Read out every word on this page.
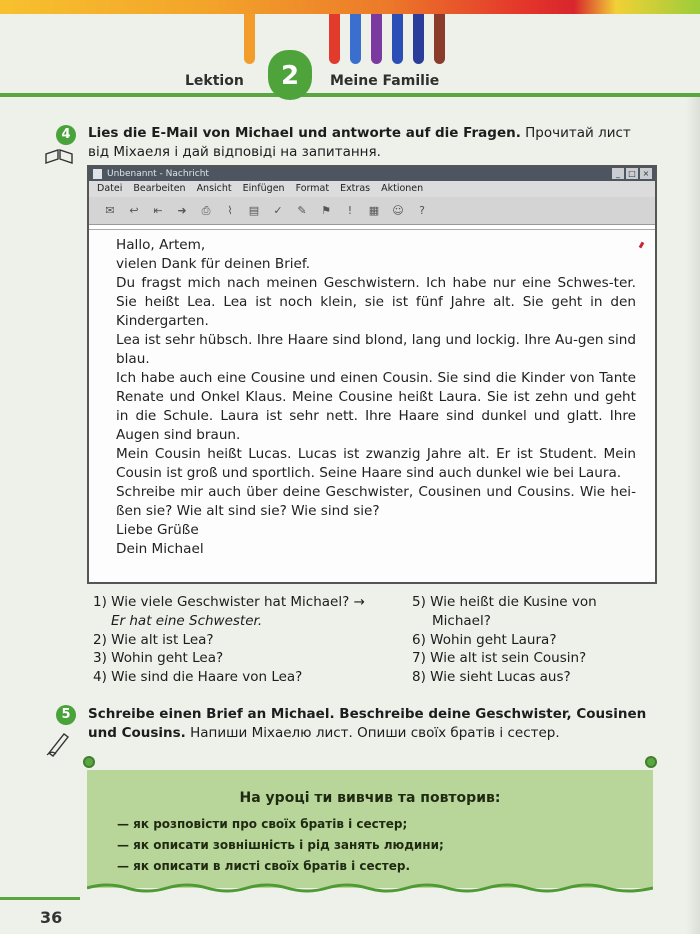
Lektion	2	Meine Familie
4	Lies die E-Mail von Michael und antworte auf die Fragen. Прочитай лист
від Міхаеля і дай відповіді на запитання.
Unbenannt - Nachricht	_	□ ×
Datei Bearbeiten Ansicht Einfügen Format Extras Aktionen
✉ ↩ ⇤ ➜ ⎙	⌇	▤ ✓ ✎ ⚑	!	▦ ☺	?

Hallo, Artem,

vielen Dank für deinen Brief.

Du fragst mich nach meinen Geschwistern. Ich habe nur eine Schwes-ter. Sie heißt Lea. Lea ist noch klein, sie ist fünf Jahre alt. Sie geht in den Kindergarten.

Lea ist sehr hübsch. Ihre Haare sind blond, lang und lockig. Ihre Au-gen sind blau.

Ich habe auch eine Cousine und einen Cousin. Sie sind die Kinder von Tante Renate und Onkel Klaus. Meine Cousine heißt Laura. Sie ist zehn und geht in die Schule. Laura ist sehr nett. Ihre Haare sind dunkel und glatt. Ihre Augen sind braun.

Mein Cousin heißt Lucas. Lucas ist zwanzig Jahre alt. Er ist Student. Mein Cousin ist groß und sportlich. Seine Haare sind auch dunkel wie bei Laura.

Schreibe mir auch über deine Geschwister, Cousinen und Cousins. Wie hei-ßen sie? Wie alt sind sie? Wie sind sie?

Liebe Grüße

Dein Michael

1) Wie viele Geschwister hat Michael? →
Er hat eine Schwester.
2) Wie alt ist Lea?
3) Wohin geht Lea?
4) Wie sind die Haare von Lea?
5) Wie heißt die Kusine von
Michael?
6) Wohin geht Laura?
7) Wie alt ist sein Cousin?
8) Wie sieht Lucas aus?
5	Schreibe einen Brief an Michael. Beschreibe deine Geschwister, Cousinen
und Cousins. Напиши Міхаелю лист. Опиши своїх братів і сестер.
На уроці ти вивчив та повторив:
— як розповісти про своїх братів і сестер;
— як описати зовнішність і рід занять людини;
— як описати в листі своїх братів і сестер.
36
